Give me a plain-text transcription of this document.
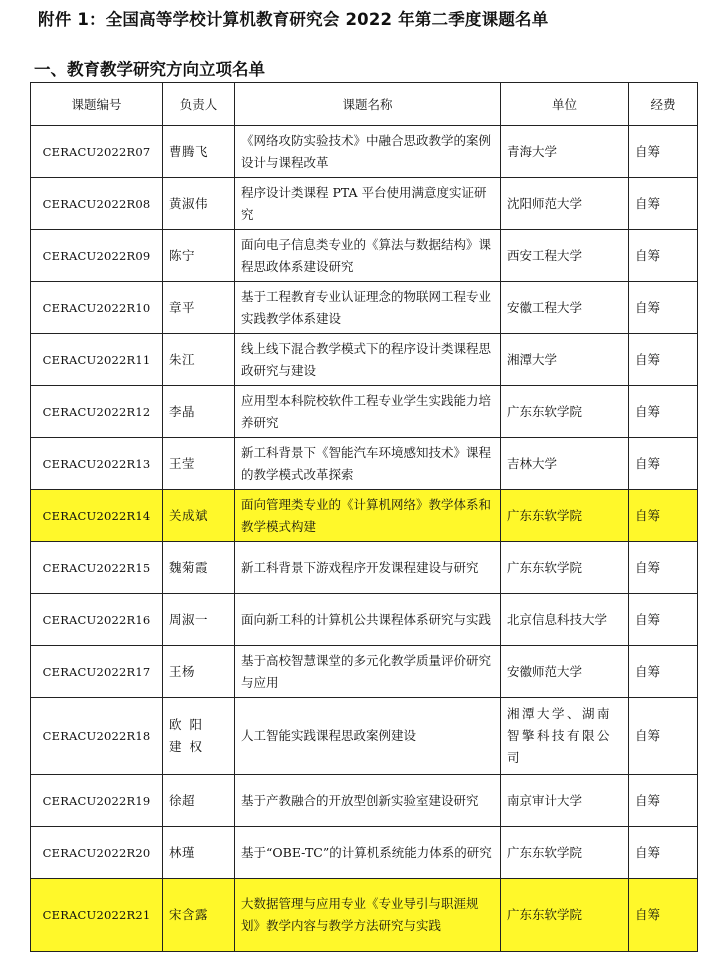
附件 1：全国高等学校计算机教育研究会 2022 年第二季度课题名单
一、教育教学研究方向立项名单
课题编号	负责人	课题名称	单位	经费
CERACU2022R07	曹腾飞	《网络攻防实验技术》中融合思政教学的案例设计与课程改革	青海大学	自筹
CERACU2022R08	黄淑伟	程序设计类课程 PTA 平台使用满意度实证研究	沈阳师范大学	自筹
CERACU2022R09	陈宁	面向电子信息类专业的《算法与数据结构》课程思政体系建设研究	西安工程大学	自筹
CERACU2022R10	章平	基于工程教育专业认证理念的物联网工程专业实践教学体系建设	安徽工程大学	自筹
CERACU2022R11	朱江	线上线下混合教学模式下的程序设计类课程思政研究与建设	湘潭大学	自筹
CERACU2022R12	李晶	应用型本科院校软件工程专业学生实践能力培养研究	广东东软学院	自筹
CERACU2022R13	王莹	新工科背景下《智能汽车环境感知技术》课程的教学模式改革探索	吉林大学	自筹
CERACU2022R14	关成斌	面向管理类专业的《计算机网络》教学体系和教学模式构建	广东东软学院	自筹
CERACU2022R15	魏菊霞	新工科背景下游戏程序开发课程建设与研究	广东东软学院	自筹
CERACU2022R16	周淑一	面向新工科的计算机公共课程体系研究与实践	北京信息科技大学	自筹
CERACU2022R17	王杨	基于高校智慧课堂的多元化教学质量评价研究与应用	安徽师范大学	自筹
CERACU2022R18	欧阳建权	人工智能实践课程思政案例建设	湘潭大学、湖南智擎科技有限公司	自筹
CERACU2022R19	徐超	基于产教融合的开放型创新实验室建设研究	南京审计大学	自筹
CERACU2022R20	林瑾	基于“OBE-TC”的计算机系统能力体系的研究	广东东软学院	自筹
CERACU2022R21	宋含露	大数据管理与应用专业《专业导引与职涯规划》教学内容与教学方法研究与实践	广东东软学院	自筹
